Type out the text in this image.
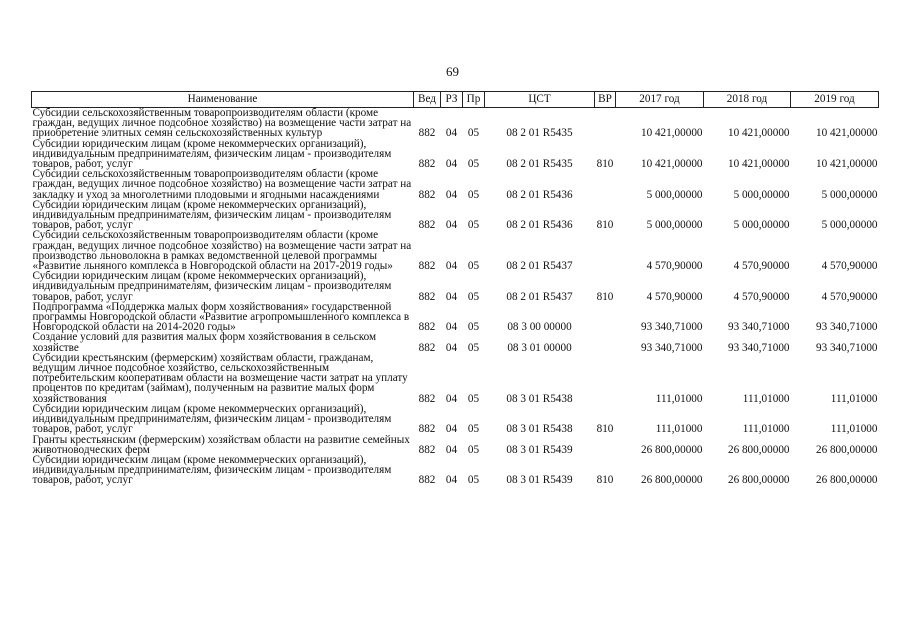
69
Наименование	Вед	РЗ	Пр	ЦСТ	ВР	2017 год	2018 год	2019 год
Субсидии сельскохозяйственным товаропроизводителям области (кроме граждан, ведущих личное подсобное хозяйство) на возмещение части затрат на приобретение элитных семян сельскохозяйственных культур	882	04	05	08 2 01 R5435		10 421,00000	10 421,00000	10 421,00000
Субсидии юридическим лицам (кроме некоммерческих организаций), индивидуальным предпринимателям, физическим лицам - производителям товаров, работ, услуг	882	04	05	08 2 01 R5435	810	10 421,00000	10 421,00000	10 421,00000
Субсидии сельскохозяйственным товаропроизводителям области (кроме граждан, ведущих личное подсобное хозяйство) на возмещение части затрат на закладку и уход за многолетними плодовыми и ягодными насаждениями	882	04	05	08 2 01 R5436		5 000,00000	5 000,00000	5 000,00000
Субсидии юридическим лицам (кроме некоммерческих организаций), индивидуальным предпринимателям, физическим лицам - производителям товаров, работ, услуг	882	04	05	08 2 01 R5436	810	5 000,00000	5 000,00000	5 000,00000
Субсидии сельскохозяйственным товаропроизводителям области (кроме граждан, ведущих личное подсобное хозяйство) на возмещение части затрат на производство льноволокна в рамках ведомственной целевой программы «Развитие льняного комплекса в Новгородской области на 2017-2019 годы»	882	04	05	08 2 01 R5437		4 570,90000	4 570,90000	4 570,90000
Субсидии юридическим лицам (кроме некоммерческих организаций), индивидуальным предпринимателям, физическим лицам - производителям товаров, работ, услуг	882	04	05	08 2 01 R5437	810	4 570,90000	4 570,90000	4 570,90000
Подпрограмма «Поддержка малых форм хозяйствования» государственной программы Новгородской области «Развитие агропромышленного комплекса в Новгородской области на 2014-2020 годы»	882	04	05	08 3 00 00000		93 340,71000	93 340,71000	93 340,71000
Создание условий для развития малых форм хозяйствования в сельском хозяйстве	882	04	05	08 3 01 00000		93 340,71000	93 340,71000	93 340,71000
Субсидии крестьянским (фермерским) хозяйствам области, гражданам, ведущим личное подсобное хозяйство, сельскохозяйственным потребительским кооперативам области на возмещение части затрат на уплату процентов по кредитам (займам), полученным на развитие малых форм хозяйствования	882	04	05	08 3 01 R5438		111,01000	111,01000	111,01000
Субсидии юридическим лицам (кроме некоммерческих организаций), индивидуальным предпринимателям, физическим лицам - производителям товаров, работ, услуг	882	04	05	08 3 01 R5438	810	111,01000	111,01000	111,01000
Гранты крестьянским (фермерским) хозяйствам области на развитие семейных животноводческих ферм	882	04	05	08 3 01 R5439		26 800,00000	26 800,00000	26 800,00000
Субсидии юридическим лицам (кроме некоммерческих организаций), индивидуальным предпринимателям, физическим лицам - производителям товаров, работ, услуг	882	04	05	08 3 01 R5439	810	26 800,00000	26 800,00000	26 800,00000
